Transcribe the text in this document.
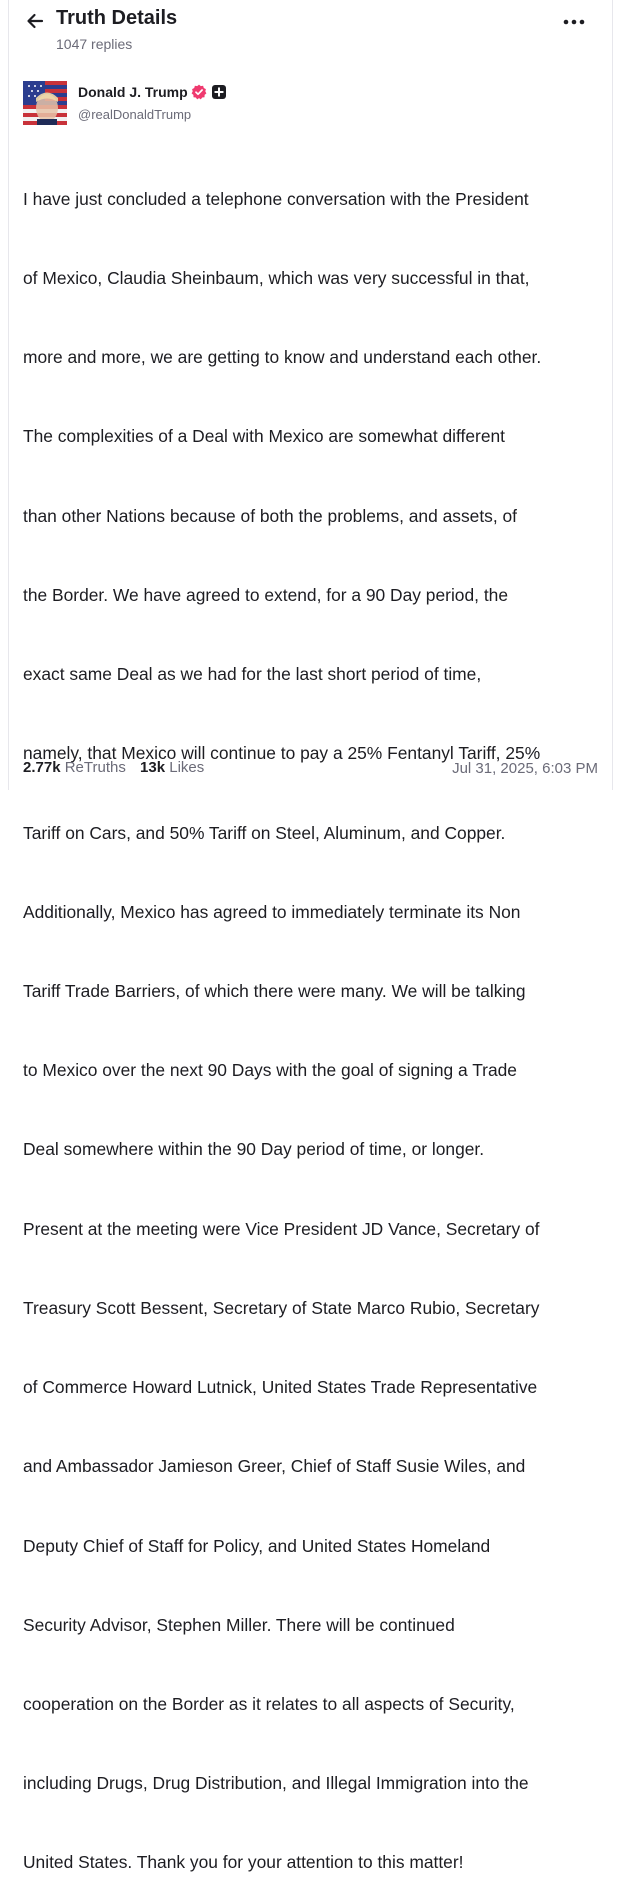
Truth Details
1047 replies
Donald J. Trump
@realDonaldTrump

I have just concluded a telephone conversation with the President

of Mexico, Claudia Sheinbaum, which was very successful in that,

more and more, we are getting to know and understand each other.

The complexities of a Deal with Mexico are somewhat different

than other Nations because of both the problems, and assets, of

the Border. We have agreed to extend, for a 90 Day period, the

exact same Deal as we had for the last short period of time,

namely, that Mexico will continue to pay a 25% Fentanyl Tariff, 25%

Tariff on Cars, and 50% Tariff on Steel, Aluminum, and Copper.

Additionally, Mexico has agreed to immediately terminate its Non

Tariff Trade Barriers, of which there were many. We will be talking

to Mexico over the next 90 Days with the goal of signing a Trade

Deal somewhere within the 90 Day period of time, or longer.

Present at the meeting were Vice President JD Vance, Secretary of

Treasury Scott Bessent, Secretary of State Marco Rubio, Secretary

of Commerce Howard Lutnick, United States Trade Representative

and Ambassador Jamieson Greer, Chief of Staff Susie Wiles, and

Deputy Chief of Staff for Policy, and United States Homeland

Security Advisor, Stephen Miller. There will be continued

cooperation on the Border as it relates to all aspects of Security,

including Drugs, Drug Distribution, and Illegal Immigration into the

United States. Thank you for your attention to this matter!

2.77k ReTruths 13k Likes	Jul 31, 2025, 6:03 PM
